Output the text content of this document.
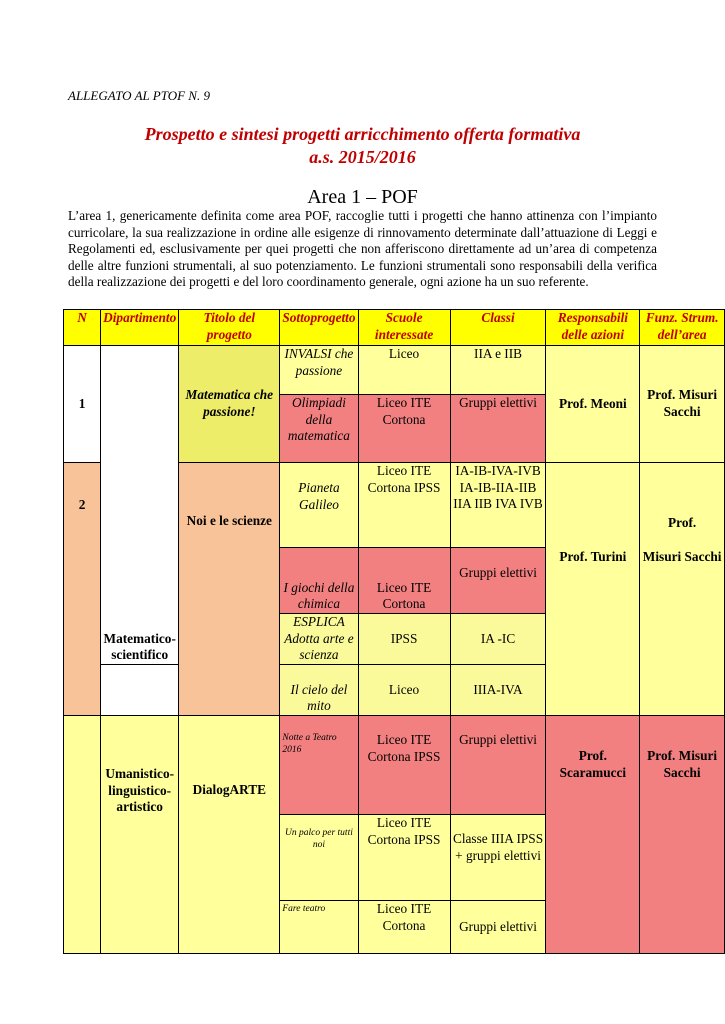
ALLEGATO AL PTOF N. 9
Prospetto e sintesi progetti arricchimento offerta formativa
a.s. 2015/2016
Area 1 – POF

L’area 1, genericamente definita come area POF, raccoglie tutti i progetti che hanno attinenza con l’impianto curricolare, la sua realizzazione in ordine alle esigenze di rinnovamento determinate dall’attuazione di Leggi e Regolamenti ed, esclusivamente per quei progetti che non afferiscono direttamente ad un’area di competenza delle altre funzioni strumentali, al suo potenziamento. Le funzioni strumentali sono responsabili della verifica della realizzazione dei progetti e del loro coordinamento generale, ogni azione ha un suo referente.

N	Dipartimento	Titolo del progetto	Sottoprogetto	Scuole interessate	Classi	Responsabili delle azioni	Funz. Strum. dell’area
1	Matematico-scientifico	Matematica che passione!	INVALSI che passione	Liceo	IIA e IIB	Prof. Meoni	Prof. Misuri Sacchi
			Olimpiadi della matematica	Liceo ITE Cortona	Gruppi elettivi		
2		Noi e le scienze	Pianeta Galileo	Liceo ITE Cortona IPSS	IA-IB-IVA-IVB IA-IB-IIA-IIB IIA IIB IVA IVB	Prof. Turini	Prof.
Misuri Sacchi

			I giochi della chimica	Liceo ITE Cortona	Gruppi elettivi		
			ESPLICA Adotta arte e scienza	IPSS	IA -IC		
			Il cielo del mito	Liceo	IIIA-IVA		
	Umanistico-linguistico-artistico	DialogARTE	Notte a Teatro 2016	Liceo ITE Cortona IPSS	Gruppi elettivi	Prof. Scaramucci	Prof. Misuri Sacchi
			Un palco per tutti noi	Liceo ITE Cortona IPSS	Classe IIIA IPSS + gruppi elettivi		
			Fare teatro	Liceo ITE Cortona	Gruppi elettivi		
